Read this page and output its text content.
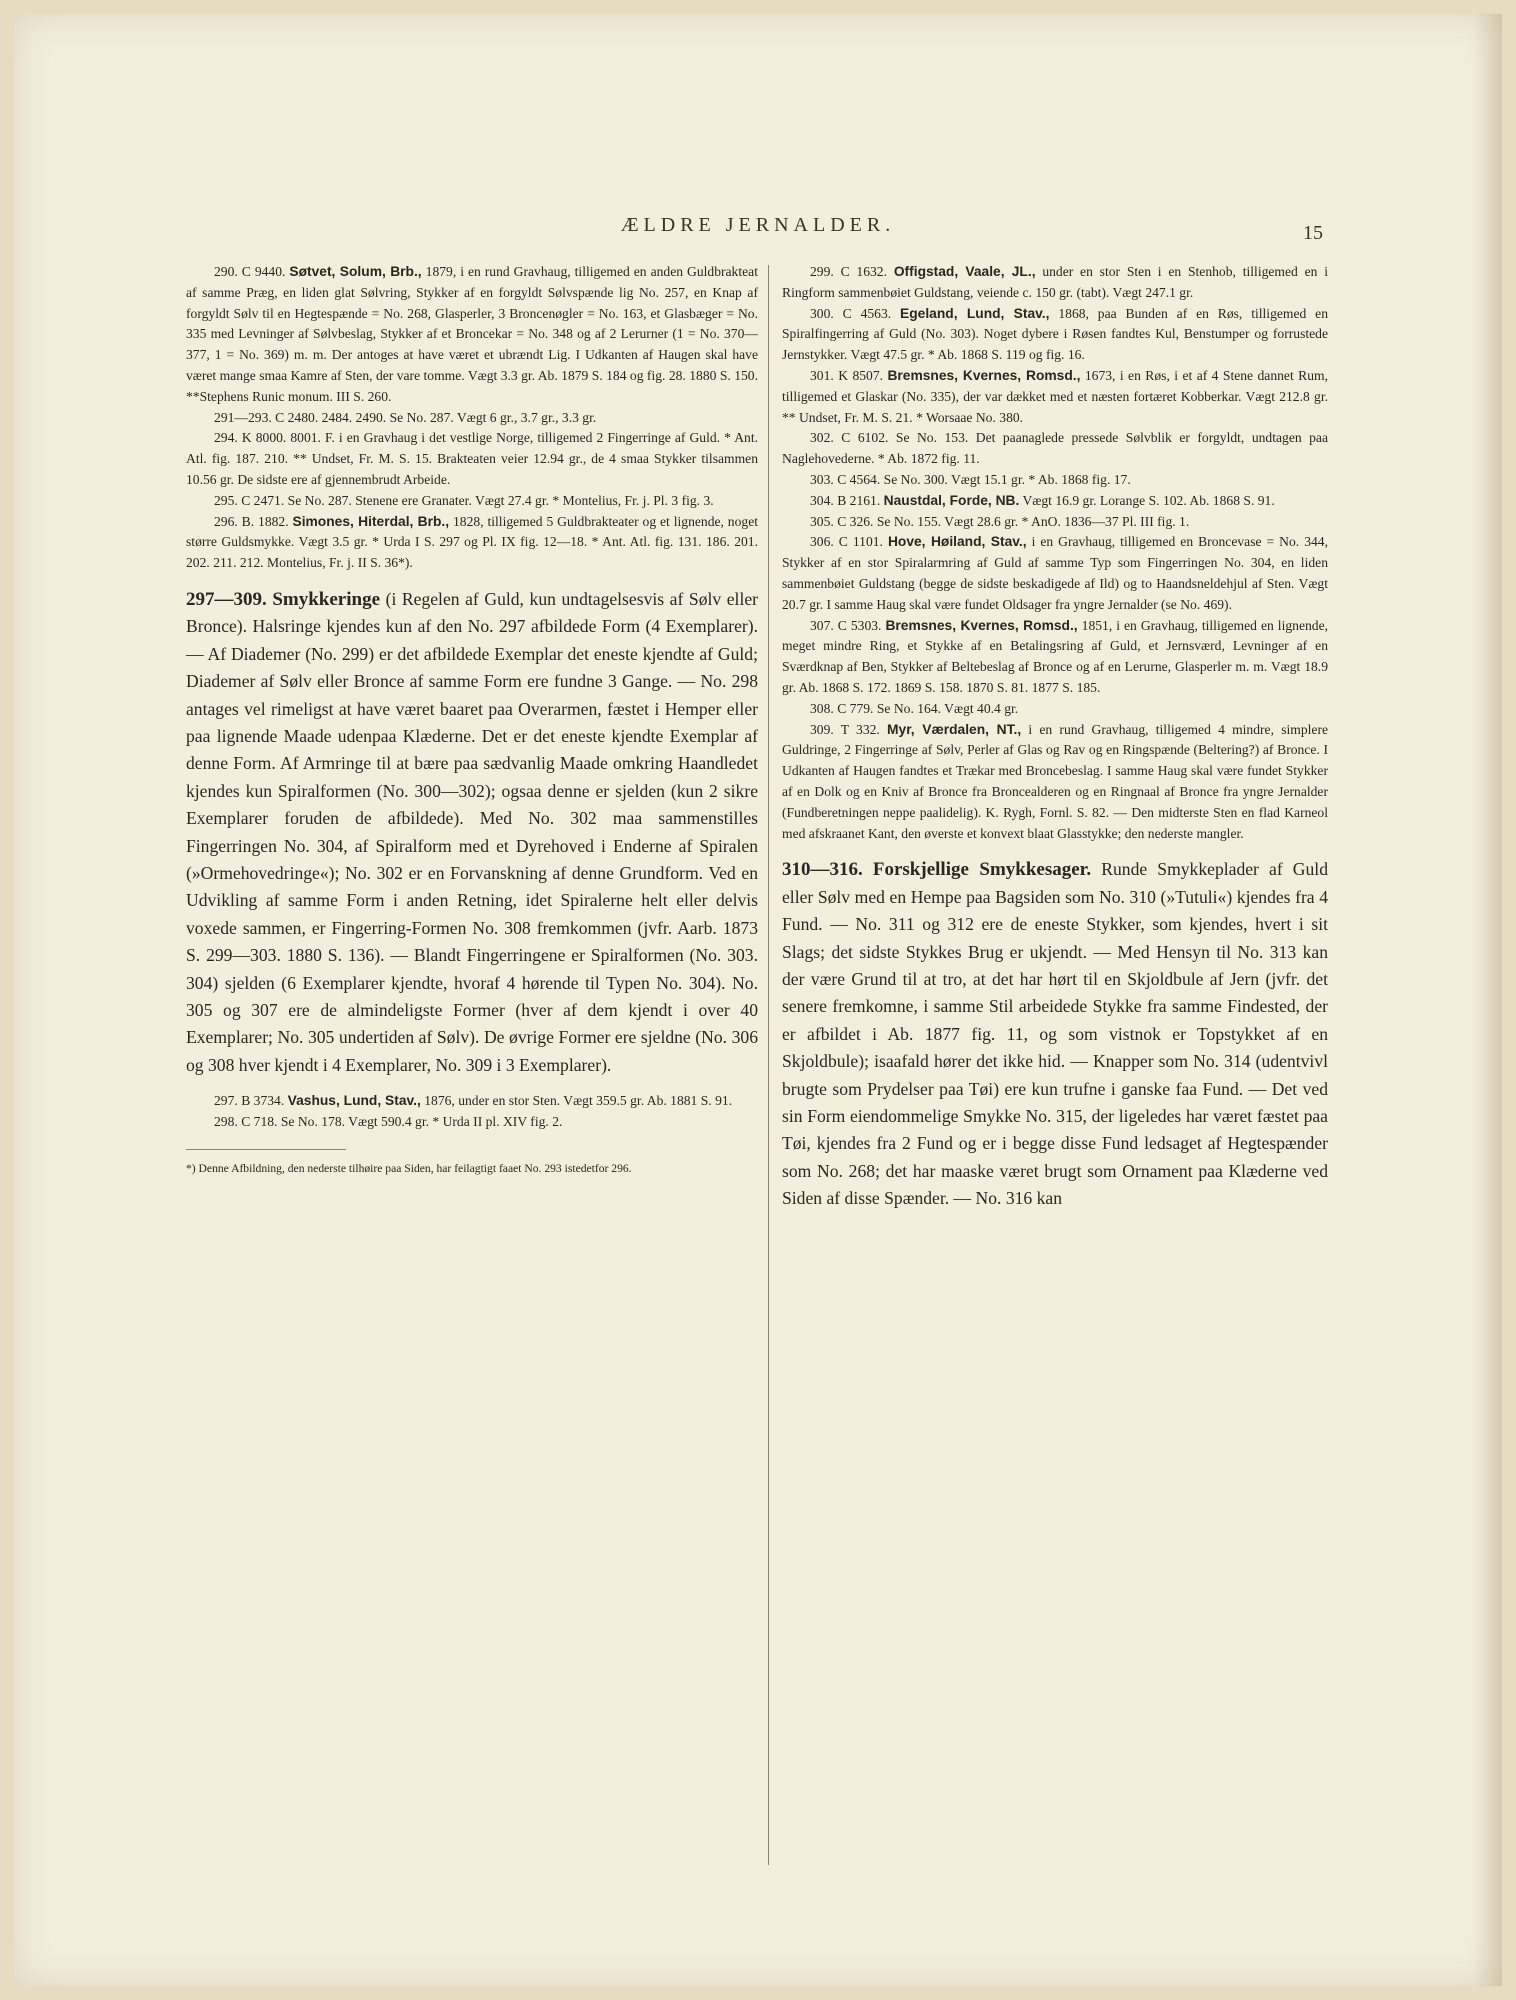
ÆLDRE JERNALDER.	15

290. C 9440. Søtvet, Solum, Brb., 1879, i en rund Gravhaug, tilligemed en anden Guldbrakteat af samme Præg, en liden glat Sølvring, Stykker af en forgyldt Sølvspænde lig No. 257, en Knap af forgyldt Sølv til en Hegtespænde = No. 268, Glasperler, 3 Broncenøgler = No. 163, et Glasbæger = No. 335 med Levninger af Sølvbeslag, Stykker af et Broncekar = No. 348 og af 2 Lerurner (1 = No. 370—377, 1 = No. 369) m. m. Der antoges at have været et ubrændt Lig. I Udkanten af Haugen skal have været mange smaa Kamre af Sten, der vare tomme. Vægt 3.3 gr. Ab. 1879 S. 184 og fig. 28. 1880 S. 150. **Stephens Runic monum. III S. 260.

291—293. C 2480. 2484. 2490. Se No. 287. Vægt 6 gr., 3.7 gr., 3.3 gr.

294. K 8000. 8001. F. i en Gravhaug i det vestlige Norge, tilligemed 2 Fingerringe af Guld. * Ant. Atl. fig. 187. 210. ** Undset, Fr. M. S. 15. Brakteaten veier 12.94 gr., de 4 smaa Stykker tilsammen 10.56 gr. De sidste ere af gjennembrudt Arbeide.

295. C 2471. Se No. 287. Stenene ere Granater. Vægt 27.4 gr. * Montelius, Fr. j. Pl. 3 fig. 3.

296. B. 1882. Simones, Hiterdal, Brb., 1828, tilligemed 5 Guldbrakteater og et lignende, noget større Guldsmykke. Vægt 3.5 gr. * Urda I S. 297 og Pl. IX fig. 12—18. * Ant. Atl. fig. 131. 186. 201. 202. 211. 212. Montelius, Fr. j. II S. 36*).

297—309. Smykkeringe (i Regelen af Guld, kun undtagelsesvis af Sølv eller Bronce). Halsringe kjendes kun af den No. 297 afbildede Form (4 Exemplarer). — Af Diademer (No. 299) er det afbildede Exemplar det eneste kjendte af Guld; Diademer af Sølv eller Bronce af samme Form ere fundne 3 Gange. — No. 298 antages vel rimeligst at have været baaret paa Overarmen, fæstet i Hemper eller paa lignende Maade udenpaa Klæderne. Det er det eneste kjendte Exemplar af denne Form. Af Armringe til at bære paa sædvanlig Maade omkring Haandledet kjendes kun Spiralformen (No. 300—302); ogsaa denne er sjelden (kun 2 sikre Exemplarer foruden de afbildede). Med No. 302 maa sammenstilles Fingerringen No. 304, af Spiralform med et Dyrehoved i Enderne af Spiralen (»Ormehovedringe«); No. 302 er en Forvanskning af denne Grundform. Ved en Udvikling af samme Form i anden Retning, idet Spiralerne helt eller delvis voxede sammen, er Fingerring-Formen No. 308 fremkommen (jvfr. Aarb. 1873 S. 299—303. 1880 S. 136). — Blandt Fingerringene er Spiralformen (No. 303. 304) sjelden (6 Exemplarer kjendte, hvoraf 4 hørende til Typen No. 304). No. 305 og 307 ere de almindeligste Former (hver af dem kjendt i over 40 Exemplarer; No. 305 undertiden af Sølv). De øvrige Former ere sjeldne (No. 306 og 308 hver kjendt i 4 Exemplarer, No. 309 i 3 Exemplarer).

297. B 3734. Vashus, Lund, Stav., 1876, under en stor Sten. Vægt 359.5 gr. Ab. 1881 S. 91.

298. C 718. Se No. 178. Vægt 590.4 gr. * Urda II pl. XIV fig. 2.

*) Denne Afbildning, den nederste tilhøire paa Siden, har feilagtigt faaet No. 293 istedetfor 296.

299. C 1632. Offigstad, Vaale, JL., under en stor Sten i en Stenhob, tilligemed en i Ringform sammenbøiet Guldstang, veiende c. 150 gr. (tabt). Vægt 247.1 gr.

300. C 4563. Egeland, Lund, Stav., 1868, paa Bunden af en Røs, tilligemed en Spiralfingerring af Guld (No. 303). Noget dybere i Røsen fandtes Kul, Benstumper og forrustede Jernstykker. Vægt 47.5 gr. * Ab. 1868 S. 119 og fig. 16.

301. K 8507. Bremsnes, Kvernes, Romsd., 1673, i en Røs, i et af 4 Stene dannet Rum, tilligemed et Glaskar (No. 335), der var dækket med et næsten fortæret Kobberkar. Vægt 212.8 gr. ** Undset, Fr. M. S. 21. * Worsaae No. 380.

302. C 6102. Se No. 153. Det paanaglede pressede Sølvblik er forgyldt, undtagen paa Naglehovederne. * Ab. 1872 fig. 11.

303. C 4564. Se No. 300. Vægt 15.1 gr. * Ab. 1868 fig. 17.

304. B 2161. Naustdal, Forde, NB. Vægt 16.9 gr. Lorange S. 102. Ab. 1868 S. 91.

305. C 326. Se No. 155. Vægt 28.6 gr. * AnO. 1836—37 Pl. III fig. 1.

306. C 1101. Hove, Høiland, Stav., i en Gravhaug, tilligemed en Broncevase = No. 344, Stykker af en stor Spiralarmring af Guld af samme Typ som Fingerringen No. 304, en liden sammenbøiet Guldstang (begge de sidste beskadigede af Ild) og to Haandsneldehjul af Sten. Vægt 20.7 gr. I samme Haug skal være fundet Oldsager fra yngre Jernalder (se No. 469).

307. C 5303. Bremsnes, Kvernes, Romsd., 1851, i en Gravhaug, tilligemed en lignende, meget mindre Ring, et Stykke af en Betalingsring af Guld, et Jernsværd, Levninger af en Sværdknap af Ben, Stykker af Beltebeslag af Bronce og af en Lerurne, Glasperler m. m. Vægt 18.9 gr. Ab. 1868 S. 172. 1869 S. 158. 1870 S. 81. 1877 S. 185.

308. C 779. Se No. 164. Vægt 40.4 gr.

309. T 332. Myr, Værdalen, NT., i en rund Gravhaug, tilligemed 4 mindre, simplere Guldringe, 2 Fingerringe af Sølv, Perler af Glas og Rav og en Ringspænde (Beltering?) af Bronce. I Udkanten af Haugen fandtes et Trækar med Broncebeslag. I samme Haug skal være fundet Stykker af en Dolk og en Kniv af Bronce fra Broncealderen og en Ringnaal af Bronce fra yngre Jernalder (Fundberetningen neppe paalidelig). K. Rygh, Fornl. S. 82. — Den midterste Sten en flad Karneol med afskraanet Kant, den øverste et konvext blaat Glasstykke; den nederste mangler.

310—316. Forskjellige Smykkesager. Runde Smykkeplader af Guld eller Sølv med en Hempe paa Bagsiden som No. 310 (»Tutuli«) kjendes fra 4 Fund. — No. 311 og 312 ere de eneste Stykker, som kjendes, hvert i sit Slags; det sidste Stykkes Brug er ukjendt. — Med Hensyn til No. 313 kan der være Grund til at tro, at det har hørt til en Skjoldbule af Jern (jvfr. det senere fremkomne, i samme Stil arbeidede Stykke fra samme Findested, der er afbildet i Ab. 1877 fig. 11, og som vistnok er Topstykket af en Skjoldbule); isaafald hører det ikke hid. — Knapper som No. 314 (udentvivl brugte som Prydelser paa Tøi) ere kun trufne i ganske faa Fund. — Det ved sin Form eiendommelige Smykke No. 315, der ligeledes har været fæstet paa Tøi, kjendes fra 2 Fund og er i begge disse Fund ledsaget af Hegtespænder som No. 268; det har maaske været brugt som Ornament paa Klæderne ved Siden af disse Spænder. — No. 316 kan
